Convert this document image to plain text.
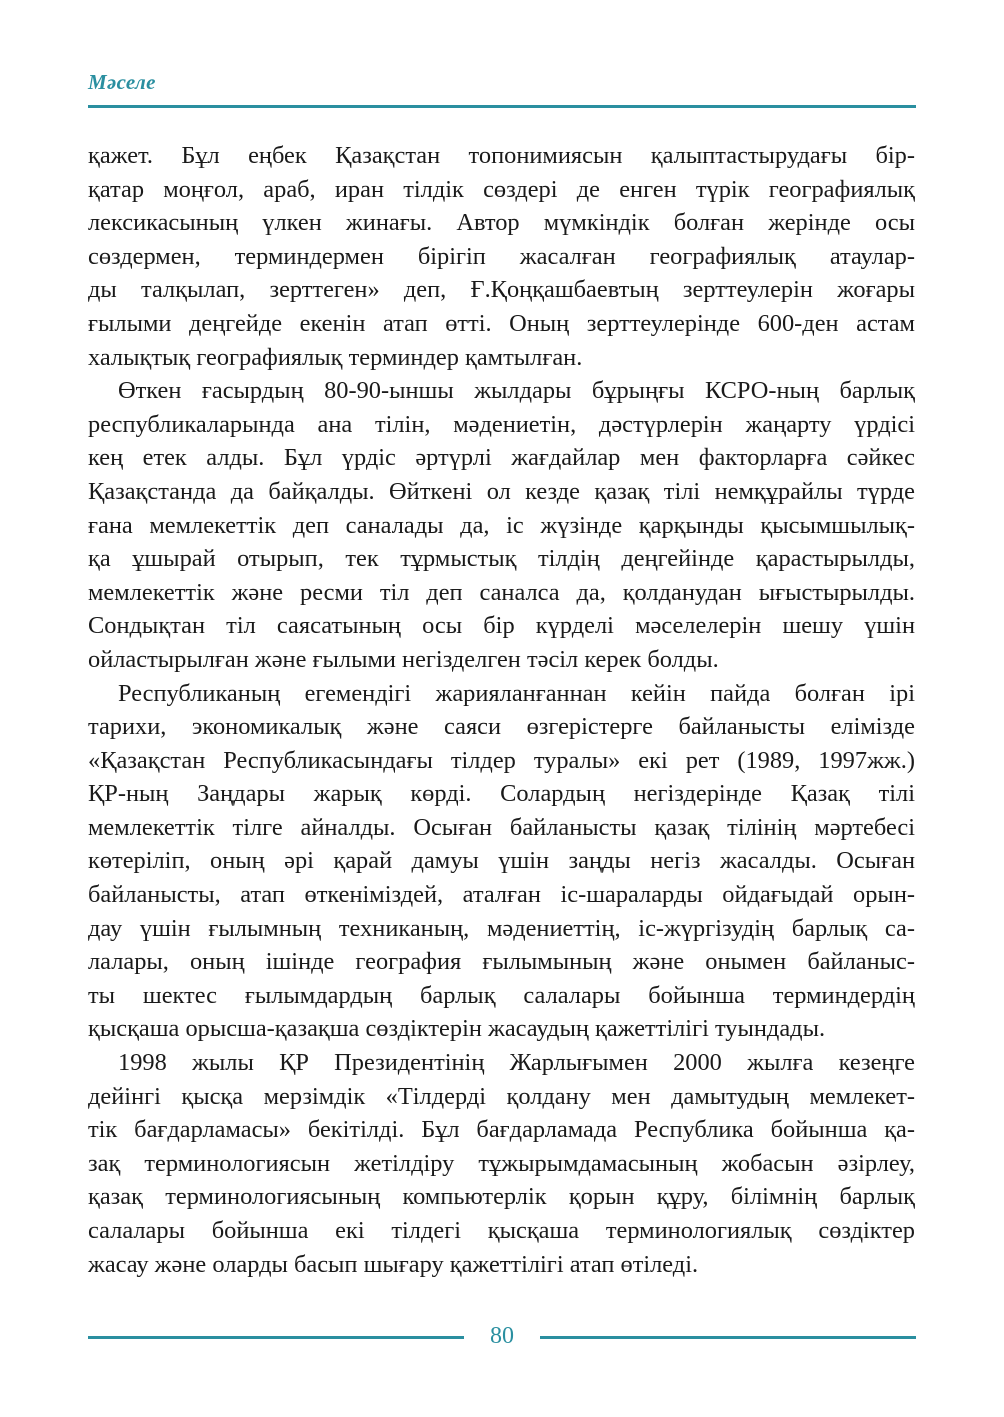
Мәселе
қажет. Бұл еңбек Қазақстан топонимиясын қалыптастырудағы бір-
қатар моңғол, араб, иран тілдік сөздері де енген түрік географиялық
лексикасының үлкен жинағы. Автор мүмкіндік болған жерінде осы
сөздермен, терминдермен бірігіп жасалған географиялық атаулар-
ды талқылап, зерттеген» деп, Ғ.Қоңқашбаевтың зерттеулерін жоғары
ғылыми деңгейде екенін атап өтті. Оның зерттеулерінде 600-ден астам
халықтық географиялық терминдер қамтылған.
Өткен ғасырдың 80-90-ыншы жылдары бұрыңғы КСРО-ның барлық
республикаларында ана тілін, мәдениетін, дәстүрлерін жаңарту үрдісі
кең етек алды. Бұл үрдіс әртүрлі жағдайлар мен факторларға сәйкес
Қазақстанда да байқалды. Өйткені ол кезде қазақ тілі немқұрайлы түрде
ғана мемлекеттік деп саналады да, іс жүзінде қарқынды қысымшылық-
қа ұшырай отырып, тек тұрмыстық тілдің деңгейінде қарастырылды,
мемлекеттік және ресми тіл деп саналса да, қолданудан ығыстырылды.
Сондықтан тіл саясатының осы бір күрделі мәселелерін шешу үшін
ойластырылған және ғылыми негізделген тәсіл керек болды.
Республиканың егемендігі жарияланғаннан кейін пайда болған ірі
тарихи, экономикалық және саяси өзгерістерге байланысты елімізде
«Қазақстан Республикасындағы тілдер туралы» екі рет (1989, 1997жж.)
ҚР-ның Заңдары жарық көрді. Солардың негіздерінде Қазақ тілі
мемлекеттік тілге айналды. Осыған байланысты қазақ тілінің мәртебесі
көтеріліп, оның әрі қарай дамуы үшін заңды негіз жасалды. Осыған
байланысты, атап өткеніміздей, аталған іс-шараларды ойдағыдай орын-
дау үшін ғылымның техниканың, мәдениеттің, іс-жүргізудің барлық са-
лалары, оның ішінде география ғылымының және онымен байланыс-
ты шектес ғылымдардың барлық салалары бойынша терминдердің
қысқаша орысша-қазақша сөздіктерін жасаудың қажеттілігі туындады.
1998 жылы ҚР Президентінің Жарлығымен 2000 жылға кезеңге
дейінгі қысқа мерзімдік «Тілдерді қолдану мен дамытудың мемлекет-
тік бағдарламасы» бекітілді. Бұл бағдарламада Республика бойынша қа-
зақ терминологиясын жетілдіру тұжырымдамасының жобасын әзірлеу,
қазақ терминологиясының компьютерлік қорын құру, білімнің барлық
салалары бойынша екі тілдегі қысқаша терминологиялық сөздіктер
жасау және оларды басып шығару қажеттілігі атап өтіледі.
80
